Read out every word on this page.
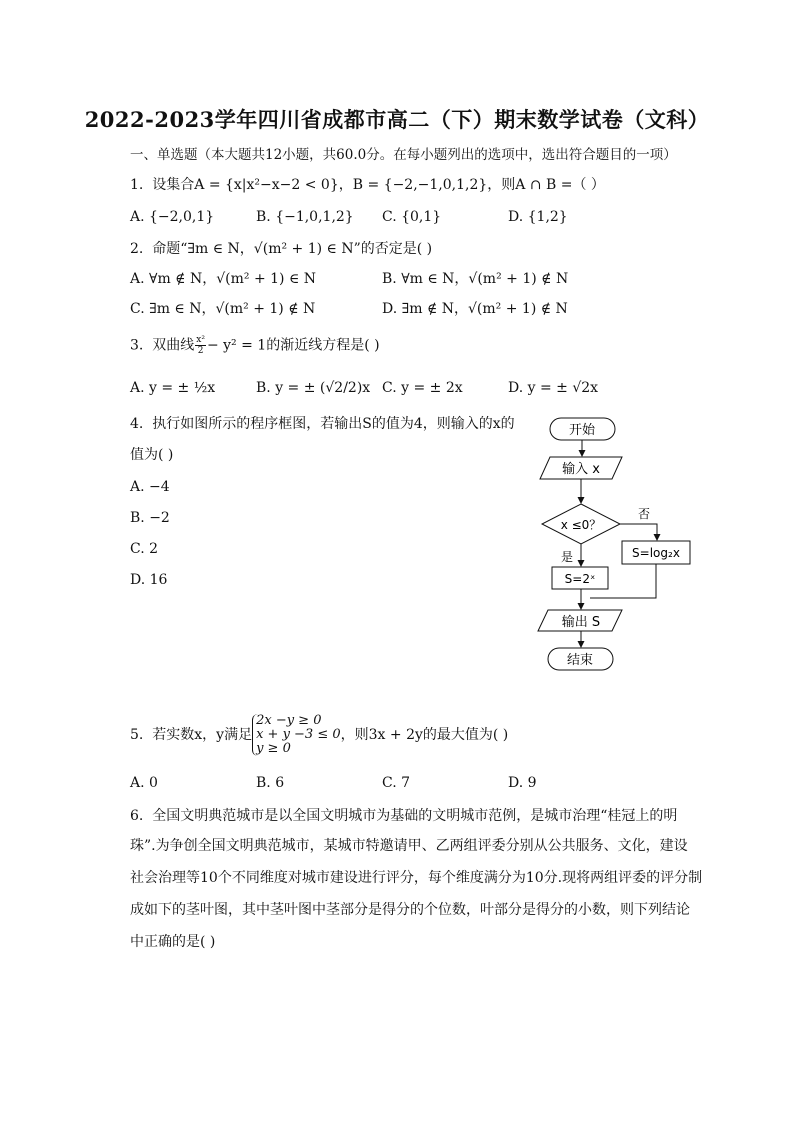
2022-2023学年四川省成都市高二（下）期末数学试卷（文科）
一、单选题（本大题共12小题，共60.0分。在每小题列出的选项中，选出符合题目的一项）
1. 设集合A = {x|x²−x−2 < 0}，B = {−2,−1,0,1,2}，则A ∩ B =（ ）
A. {−2,0,1}	B. {−1,0,1,2} C. {0,1}	D. {1,2}
2. 命题“∃m ∈ N，√(m² + 1) ∈ N”的否定是( )
A. ∀m ∉ N，√(m² + 1) ∈ N	B. ∀m ∈ N，√(m² + 1) ∉ N
C. ∃m ∈ N，√(m² + 1) ∉ N	D. ∃m ∉ N，√(m² + 1) ∉ N
3. 双曲线 $\frac{\text{x²}}{2} - y^2 = 1$的渐近线方程是( )
A. y = ± ½x	B. y = ± (√2/2)x C. y = ± 2x	D. y = ± √2x
4. 执行如图所示的程序框图，若输出S的值为4，则输入的x的
值为( )
A. −4
B. −2
C. 2
D. 16
开始
输入 x
x ≤0？
否
S=log₂x
是
S=2ˣ
输出 S
结束
5. 若实数x，y满足
2x −y ≥ 0
x + y −3 ≤ 0
y ≥ 0
，则3x + 2y的最大值为( )
A. 0	B. 6	C. 7	D. 9
6. 全国文明典范城市是以全国文明城市为基础的文明城市范例，是城市治理“桂冠上的明
珠”.为争创全国文明典范城市，某城市特邀请甲、乙两组评委分别从公共服务、文化，建设
社会治理等10个不同维度对城市建设进行评分，每个维度满分为10分.现将两组评委的评分制
成如下的茎叶图，其中茎叶图中茎部分是得分的个位数，叶部分是得分的小数，则下列结论
中正确的是( )
